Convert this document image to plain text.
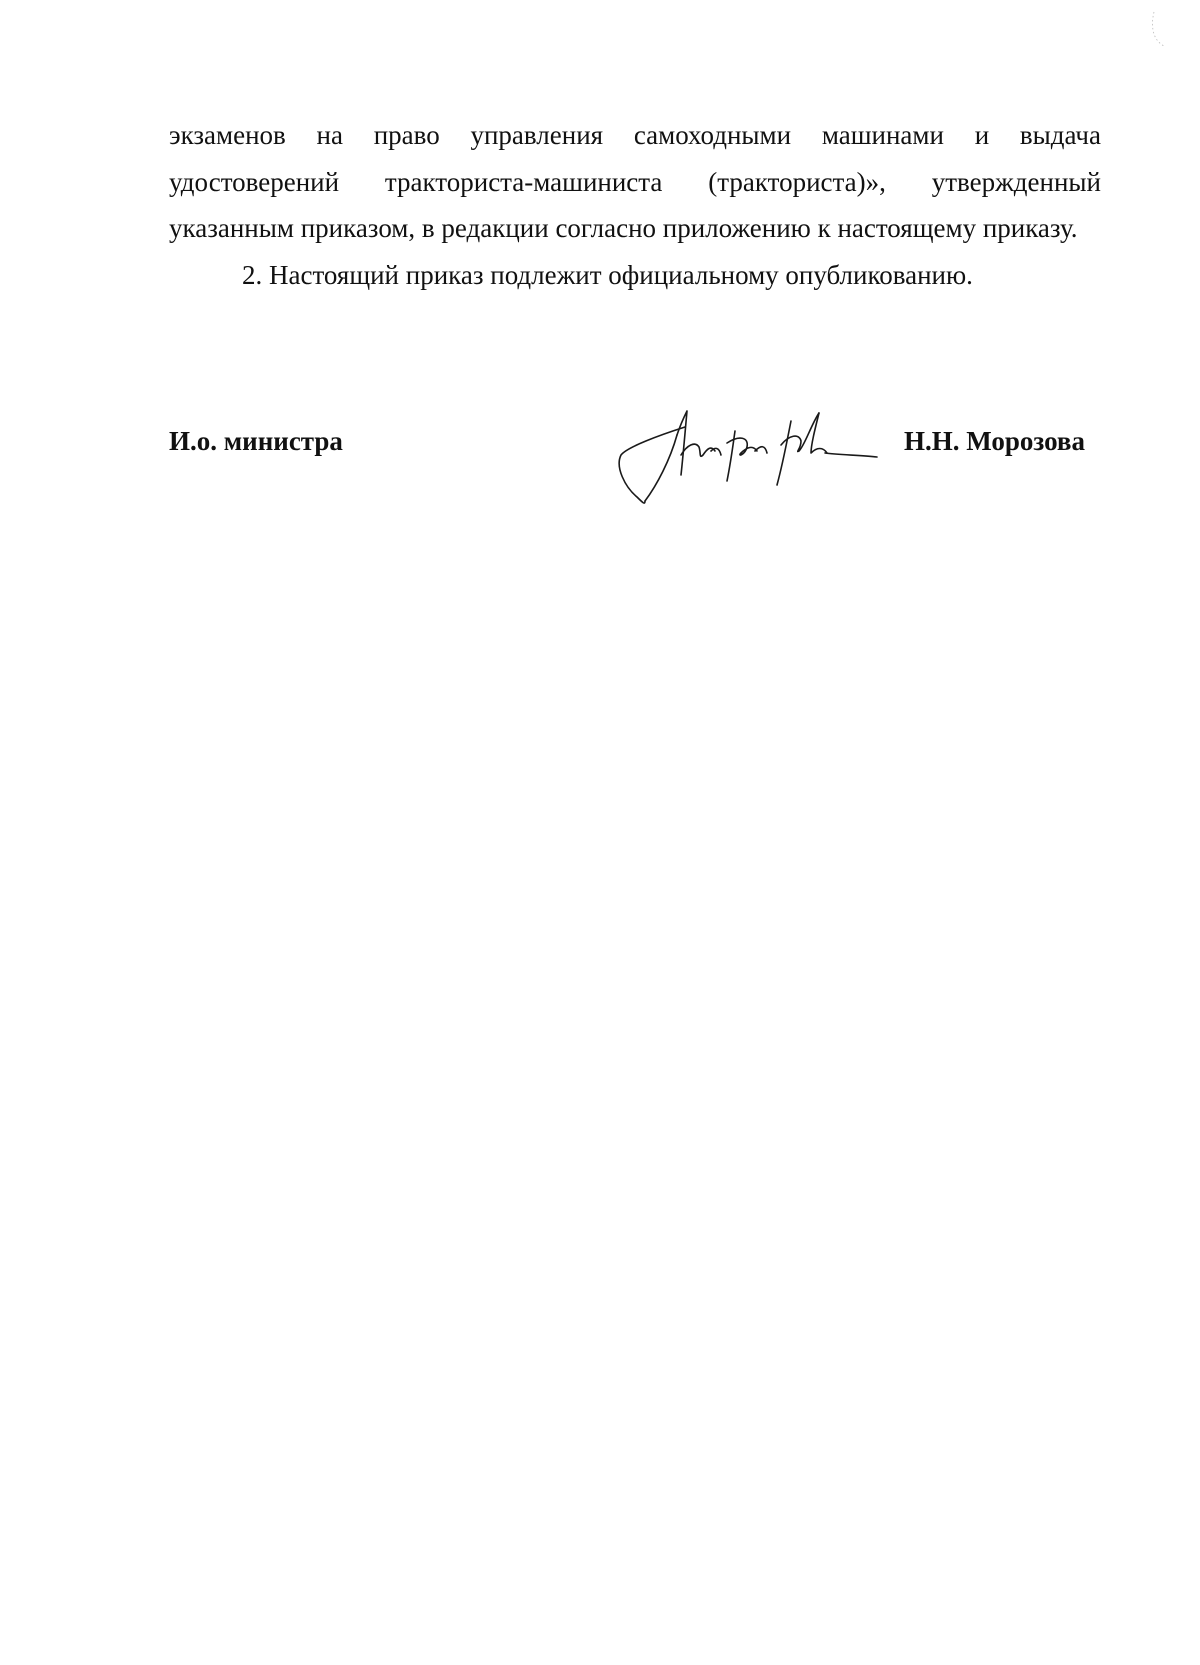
экзаменов на право управления самоходными машинами и выдача удостоверений тракториста-машиниста (тракториста)», утвержденный указанным приказом, в редакции согласно приложению к настоящему приказу.

2. Настоящий приказ подлежит официальному опубликованию.

И.о. министра	Н.Н. Морозова
